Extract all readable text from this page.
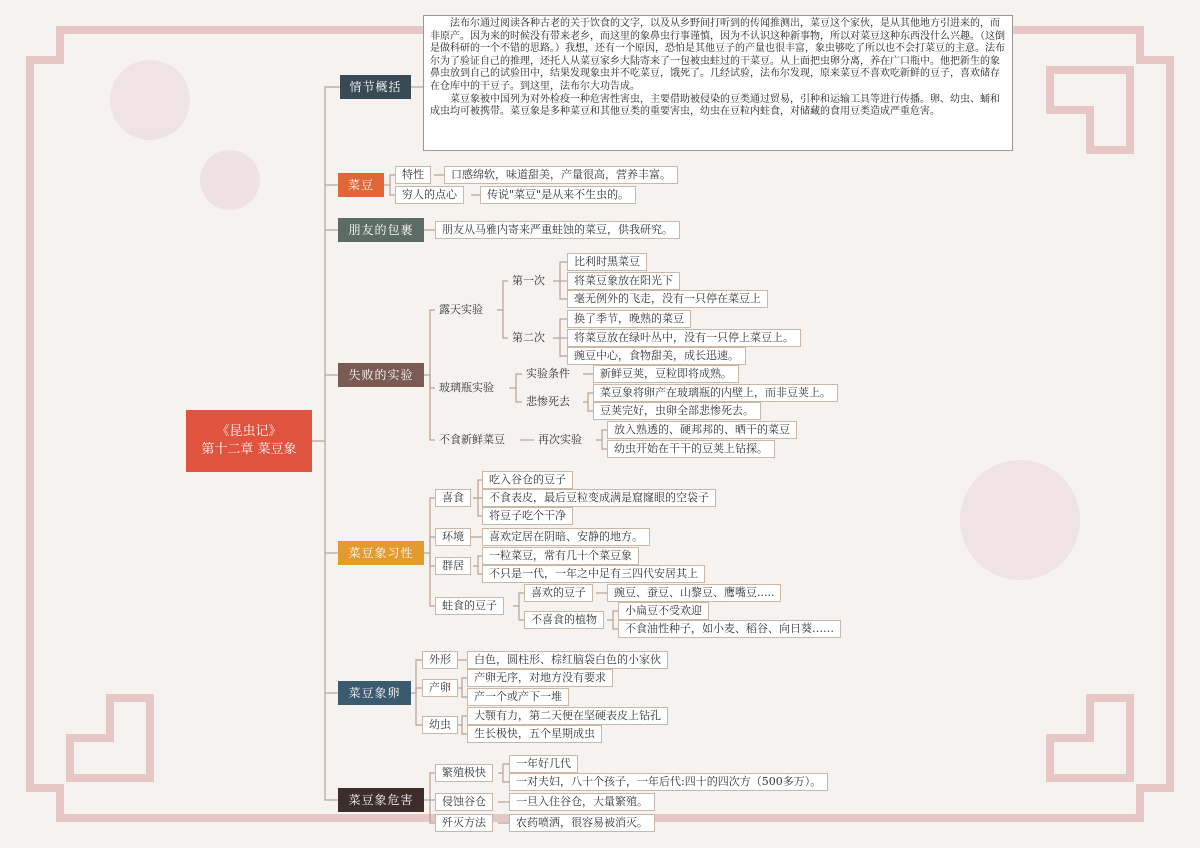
《昆虫记》
第十二章 菜豆象
情节概括

法布尔通过阅读各种古老的关于饮食的文字，以及从乡野间打听到的传闻推测出，菜豆这个家伙，是从其他地方引进来的，而非原产。因为来的时候没有带来老乡，而这里的象鼻虫行事谨慎，因为不认识这种新事物，所以对菜豆这种东西没什么兴趣。（这倒是做科研的一个不错的思路。）我想，还有一个原因，恐怕是其他豆子的产量也很丰富，象虫够吃了所以也不会打菜豆的主意。法布尔为了验证自己的推理，还托人从菜豆家乡大陆寄来了一包被虫蛀过的干菜豆。从上面把虫卵分离，养在广口瓶中。他把新生的象鼻虫放到自己的试验田中，结果发现象虫并不吃菜豆，饿死了。几经试验，法布尔发现，原来菜豆不喜欢吃新鲜的豆子，喜欢储存在仓库中的干豆子。到这里，法布尔大功告成。

菜豆象被中国列为对外检疫一种危害性害虫，主要借助被侵染的豆类通过贸易，引种和运输工具等进行传播。卵、幼虫、蛹和成虫均可被携带。菜豆象是多种菜豆和其他豆类的重要害虫，幼虫在豆粒内蛀食，对储藏的食用豆类造成严重危害。

菜豆
特性	口感绵软，味道甜美，产量很高，营养丰富。
穷人的点心	传说"菜豆"是从来不生虫的。
朋友的包裹	朋友从马雅内寄来严重蛀蚀的菜豆，供我研究。
失败的实验
露天实验
第一次
比利时黑菜豆
将菜豆象放在阳光下
毫无例外的飞走，没有一只停在菜豆上
第二次
换了季节，晚熟的菜豆
将菜豆放在绿叶丛中，没有一只停上菜豆上。
豌豆中心，食物甜美，成长迅速。
玻璃瓶实验
实验条件	新鲜豆荚，豆粒即将成熟。
悲惨死去
菜豆象将卵产在玻璃瓶的内壁上，而非豆荚上。
豆荚完好，虫卵全部悲惨死去。
不食新鲜菜豆	再次实验
放入熟透的、硬邦邦的、晒干的菜豆
幼虫开始在干干的豆荚上钻探。
菜豆象习性
喜食
吃入谷仓的豆子
不食表皮，最后豆粒变成满是窟窿眼的空袋子
将豆子吃个干净
环境	喜欢定居在阴暗、安静的地方。
群居
一粒菜豆，常有几十个菜豆象
不只是一代，一年之中足有三四代安居其上
蛀食的豆子
喜欢的豆子	豌豆、蚕豆、山黎豆、鹰嘴豆.....
不喜食的植物
小扁豆不受欢迎
不食油性种子，如小麦、稻谷、向日葵……
菜豆象卵
外形	白色，圆柱形、棕红脑袋白色的小家伙
产卵
产卵无序，对地方没有要求
产一个或产下一堆
幼虫
大颚有力，第二天便在坚硬表皮上钻孔
生长极快，五个星期成虫
菜豆象危害
繁殖极快
一年好几代
一对夫妇，八十个孩子，一年后代:四十的四次方（500多万）。
侵蚀谷仓	一旦入住谷仓，大量繁殖。
歼灭方法	农药喷洒，很容易被消灭。
